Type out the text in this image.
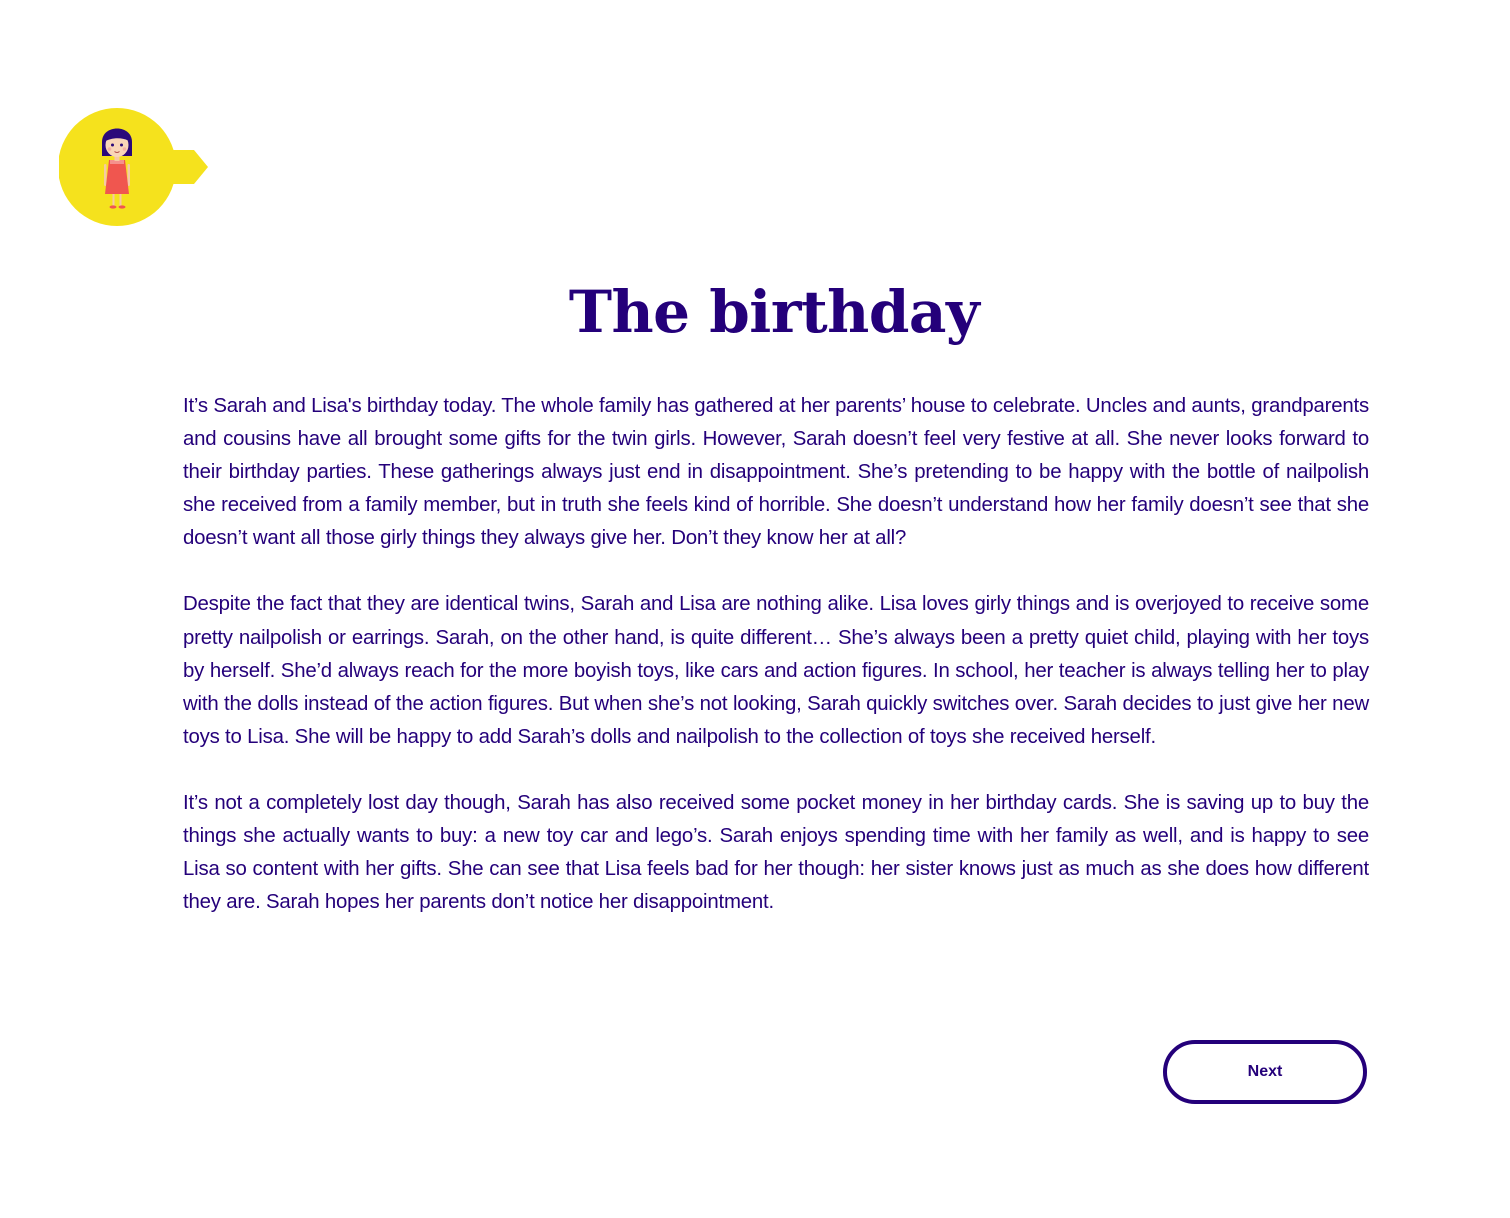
The birthday

It’s Sarah and Lisa's birthday today. The whole family has gathered at her parents’ house to celebrate. Uncles and aunts, grandparents and cousins have all brought some gifts for the twin girls. However, Sarah doesn’t feel very festive at all. She never looks forward to their birthday parties. These gatherings always just end in disappointment. She’s pretending to be happy with the bottle of nailpolish she received from a family member, but in truth she feels kind of horrible. She doesn’t understand how her family doesn’t see that she doesn’t want all those girly things they always give her. Don’t they know her at all?

Despite the fact that they are identical twins, Sarah and Lisa are nothing alike. Lisa loves girly things and is overjoyed to receive some pretty nailpolish or earrings. Sarah, on the other hand, is quite different… She’s always been a pretty quiet child, playing with her toys by herself. She’d always reach for the more boyish toys, like cars and action figures. In school, her teacher is always telling her to play with the dolls instead of the action figures. But when she’s not looking, Sarah quickly switches over. Sarah decides to just give her new toys to Lisa. She will be happy to add Sarah’s dolls and nailpolish to the collection of toys she received herself.

It’s not a completely lost day though, Sarah has also received some pocket money in her birthday cards. She is saving up to buy the things she actually wants to buy: a new toy car and lego’s. Sarah enjoys spending time with her family as well, and is happy to see Lisa so content with her gifts. She can see that Lisa feels bad for her though: her sister knows just as much as she does how different they are. Sarah hopes her parents don’t notice her disappointment.

Next
